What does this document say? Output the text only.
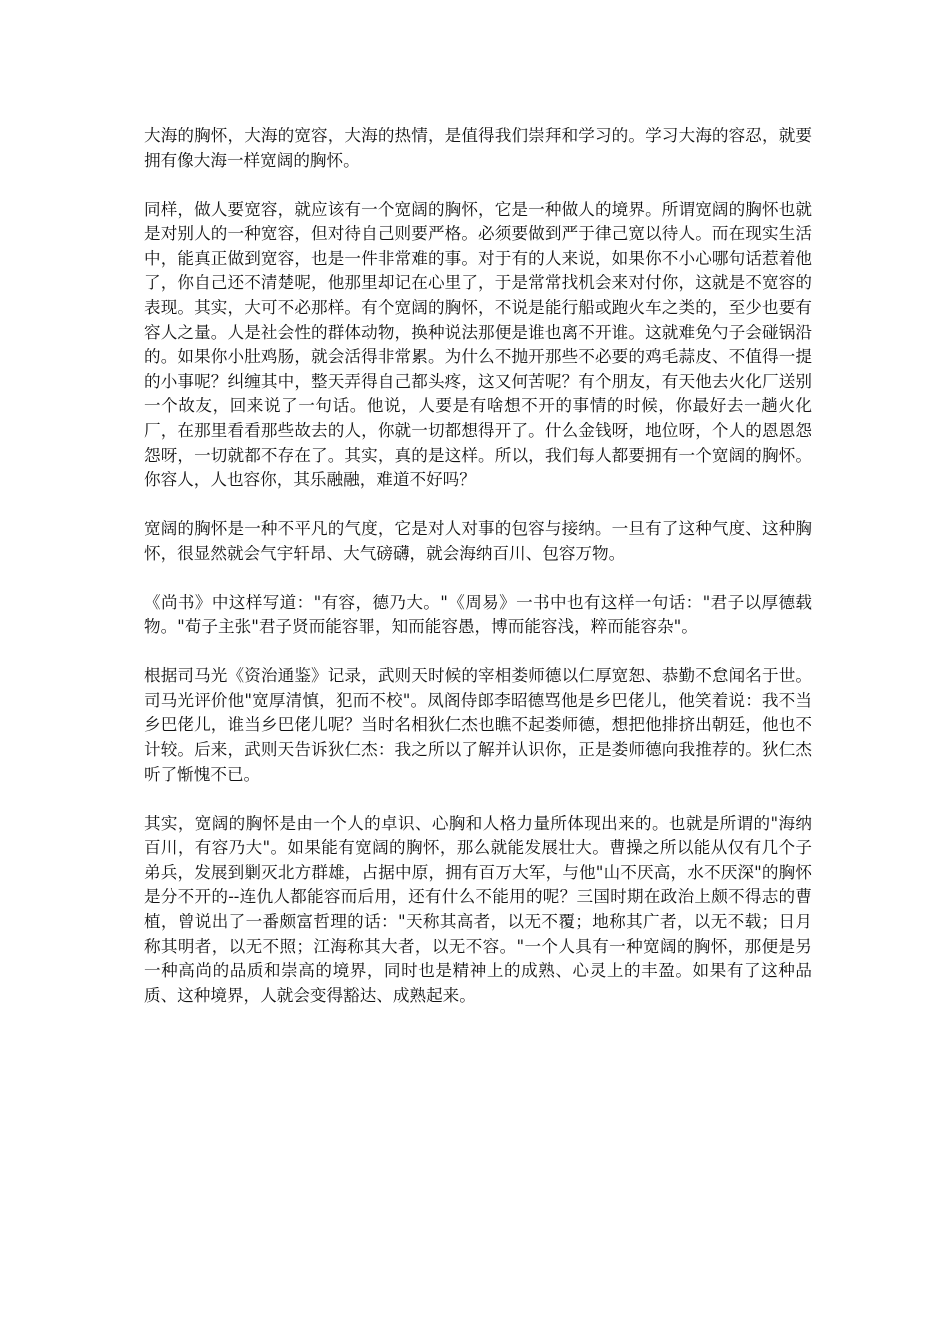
大海的胸怀，大海的宽容，大海的热情，是值得我们崇拜和学习的。学习大海的容忍，就要拥有像大海一样宽阔的胸怀。

同样，做人要宽容，就应该有一个宽阔的胸怀，它是一种做人的境界。所谓宽阔的胸怀也就是对别人的一种宽容，但对待自己则要严格。必须要做到严于律己宽以待人。而在现实生活中，能真正做到宽容，也是一件非常难的事。对于有的人来说，如果你不小心哪句话惹着他了，你自己还不清楚呢，他那里却记在心里了，于是常常找机会来对付你，这就是不宽容的表现。其实，大可不必那样。有个宽阔的胸怀，不说是能行船或跑火车之类的，至少也要有容人之量。人是社会性的群体动物，换种说法那便是谁也离不开谁。这就难免勺子会碰锅沿的。如果你小肚鸡肠，就会活得非常累。为什么不抛开那些不必要的鸡毛蒜皮、不值得一提的小事呢？纠缠其中，整天弄得自己都头疼，这又何苦呢？有个朋友，有天他去火化厂送别一个故友，回来说了一句话。他说，人要是有啥想不开的事情的时候，你最好去一趟火化厂，在那里看看那些故去的人，你就一切都想得开了。什么金钱呀，地位呀，个人的恩恩怨怨呀，一切就都不存在了。其实，真的是这样。所以，我们每人都要拥有一个宽阔的胸怀。你容人，人也容你，其乐融融，难道不好吗？

宽阔的胸怀是一种不平凡的气度，它是对人对事的包容与接纳。一旦有了这种气度、这种胸怀，很显然就会气宇轩昂、大气磅礴，就会海纳百川、包容万物。

《尚书》中这样写道："有容，德乃大。"《周易》一书中也有这样一句话："君子以厚德载物。"荀子主张"君子贤而能容罪，知而能容愚，博而能容浅，粹而能容杂"。

根据司马光《资治通鉴》记录，武则天时候的宰相娄师德以仁厚宽恕、恭勤不怠闻名于世。司马光评价他"宽厚清慎，犯而不校"。凤阁侍郎李昭德骂他是乡巴佬儿，他笑着说：我不当乡巴佬儿，谁当乡巴佬儿呢？当时名相狄仁杰也瞧不起娄师德，想把他排挤出朝廷，他也不计较。后来，武则天告诉狄仁杰：我之所以了解并认识你，正是娄师德向我推荐的。狄仁杰听了惭愧不已。

其实，宽阔的胸怀是由一个人的卓识、心胸和人格力量所体现出来的。也就是所谓的"海纳百川，有容乃大"。如果能有宽阔的胸怀，那么就能发展壮大。曹操之所以能从仅有几个子弟兵，发展到剿灭北方群雄，占据中原，拥有百万大军，与他"山不厌高，水不厌深"的胸怀是分不开的--连仇人都能容而后用，还有什么不能用的呢？三国时期在政治上颇不得志的曹植，曾说出了一番颇富哲理的话："天称其高者，以无不覆；地称其广者，以无不载；日月称其明者，以无不照；江海称其大者，以无不容。"一个人具有一种宽阔的胸怀，那便是另一种高尚的品质和崇高的境界，同时也是精神上的成熟、心灵上的丰盈。如果有了这种品质、这种境界，人就会变得豁达、成熟起来。
